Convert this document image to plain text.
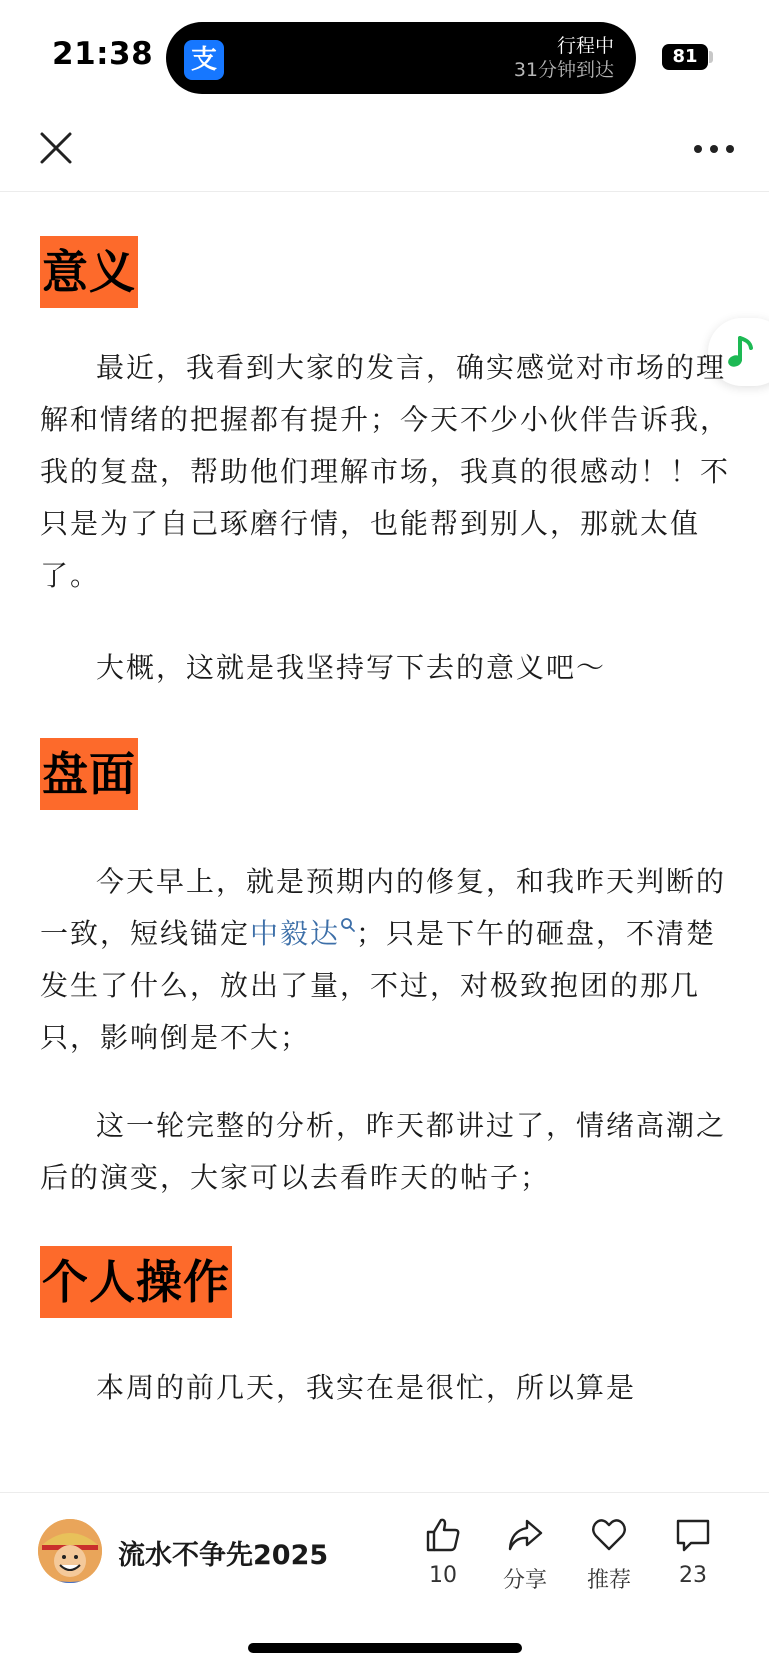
21:38 支	行程中
31分钟到达
81
意义
最近，我看到大家的发言，确实感觉对市场的理解和情绪的把握都有提升；今天不少小伙伴告诉我，我的复盘，帮助他们理解市场，我真的很感动！！不只是为了自己琢磨行情，也能帮到别人，那就太值了。
大概，这就是我坚持写下去的意义吧～
盘面
今天早上，就是预期内的修复，和我昨天判断的一致，短线锚定中毅达 ；只是下午的砸盘，不清楚发生了什么，放出了量，不过，对极致抱团的那几只，影响倒是不大；
这一轮完整的分析，昨天都讲过了，情绪高潮之后的演变，大家可以去看昨天的帖子；
个人操作
本周的前几天，我实在是很忙，所以算是
流水不争先2025
10	分享	推荐	23
